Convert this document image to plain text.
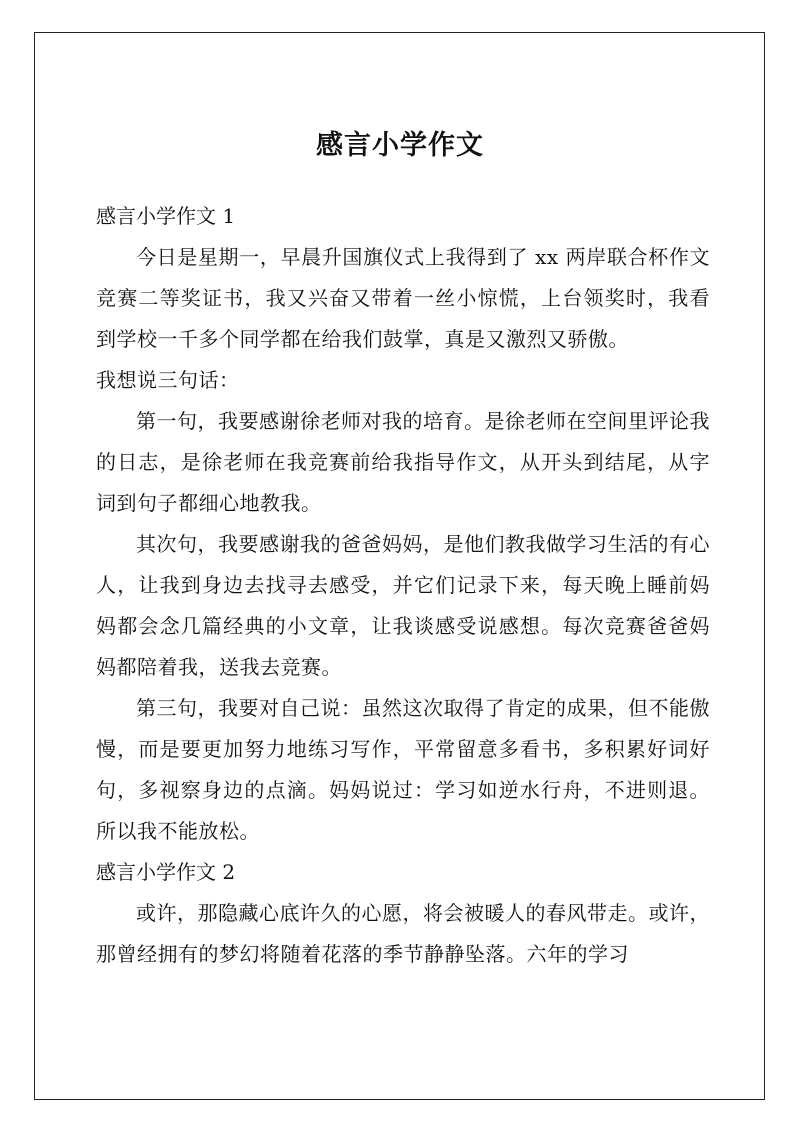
感言小学作文

感言小学作文 1

今日是星期一，早晨升国旗仪式上我得到了 xx 两岸联合杯作文竞赛二等奖证书，我又兴奋又带着一丝小惊慌，上台领奖时，我看到学校一千多个同学都在给我们鼓掌，真是又激烈又骄傲。

我想说三句话：

第一句，我要感谢徐老师对我的培育。是徐老师在空间里评论我的日志，是徐老师在我竞赛前给我指导作文，从开头到结尾，从字词到句子都细心地教我。

其次句，我要感谢我的爸爸妈妈，是他们教我做学习生活的有心人，让我到身边去找寻去感受，并它们记录下来，每天晚上睡前妈妈都会念几篇经典的小文章，让我谈感受说感想。每次竞赛爸爸妈妈都陪着我，送我去竞赛。

第三句，我要对自己说：虽然这次取得了肯定的成果，但不能傲慢，而是要更加努力地练习写作，平常留意多看书，多积累好词好句，多视察身边的点滴。妈妈说过：学习如逆水行舟，不进则退。所以我不能放松。

感言小学作文 2

或许，那隐藏心底许久的心愿，将会被暖人的春风带走。或许，那曾经拥有的梦幻将随着花落的季节静静坠落。六年的学习
